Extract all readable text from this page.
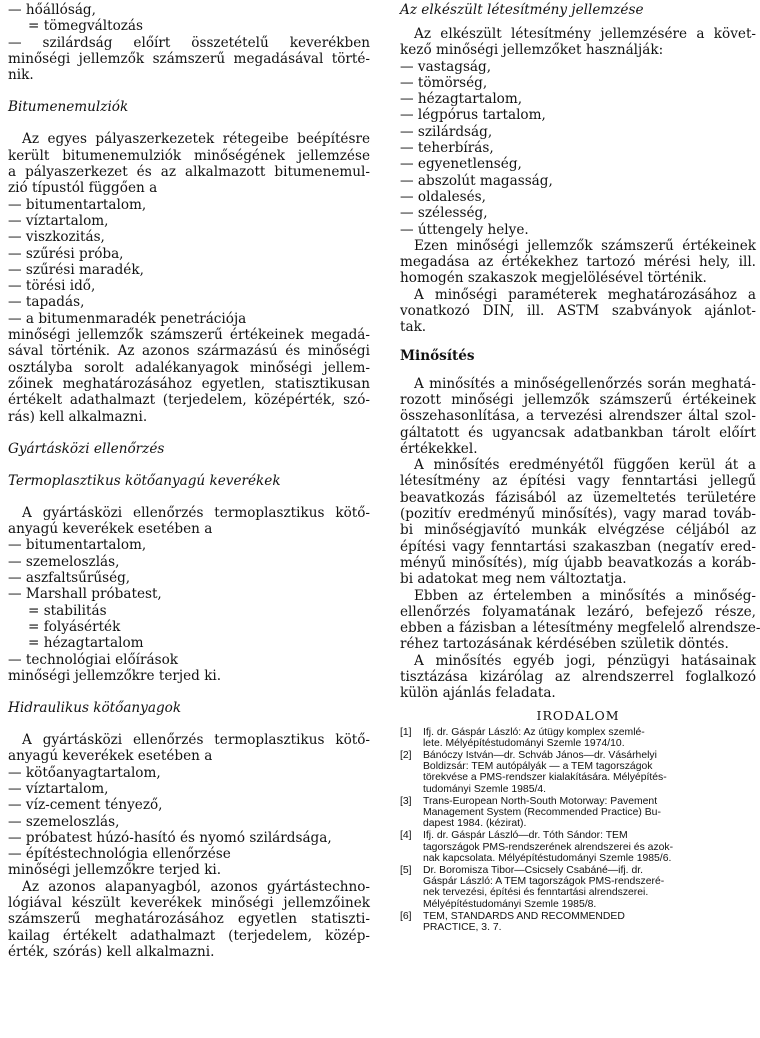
— hőállóság,
= tömegváltozás
— szilárdság előírt összetételű keverékben
minőségi jellemzők számszerű megadásával törté-
nik.
Bitumenemulziók
Az egyes pályaszerkezetek rétegeibe beépítésre
került bitumenemulziók minőségének jellemzése
a pályaszerkezet és az alkalmazott bitumenemul-
zió típustól függően a
— bitumentartalom,
— víztartalom,
— viszkozitás,
— szűrési próba,
— szűrési maradék,
— törési idő,
— tapadás,
— a bitumenmaradék penetrációja
minőségi jellemzők számszerű értékeinek megadá-
sával történik. Az azonos származású és minőségi
osztályba sorolt adalékanyagok minőségi jellem-
zőinek meghatározásához egyetlen, statisztikusan
értékelt adathalmazt (terjedelem, középérték, szó-
rás) kell alkalmazni.
Gyártásközi ellenőrzés
Termoplasztikus kötőanyagú keverékek
A gyártásközi ellenőrzés termoplasztikus kötő-
anyagú keverékek esetében a
— bitumentartalom,
— szemeloszlás,
— aszfaltsűrűség,
— Marshall próbatest,
= stabilitás
= folyásérték
= hézagtartalom
— technológiai előírások
minőségi jellemzőkre terjed ki.
Hidraulikus kötőanyagok
A gyártásközi ellenőrzés termoplasztikus kötő-
anyagú keverékek esetében a
— kötőanyagtartalom,
— víztartalom,
— víz-cement tényező,
— szemeloszlás,
— próbatest húzó-hasító és nyomó szilárdsága,
— építéstechnológia ellenőrzése
minőségi jellemzőkre terjed ki.
Az azonos alapanyagból, azonos gyártástechno-
lógiával készült keverékek minőségi jellemzőinek
számszerű meghatározásához egyetlen statiszti-
kailag értékelt adathalmazt (terjedelem, közép-
érték, szórás) kell alkalmazni.
Az elkészült létesítmény jellemzése
Az elkészült létesítmény jellemzésére a követ-
kező minőségi jellemzőket használják:
— vastagság,
— tömörség,
— hézagtartalom,
— légpórus tartalom,
— szilárdság,
— teherbírás,
— egyenetlenség,
— abszolút magasság,
— oldalesés,
— szélesség,
— úttengely helye.
Ezen minőségi jellemzők számszerű értékeinek
megadása az értékekhez tartozó mérési hely, ill.
homogén szakaszok megjelölésével történik.
A minőségi paraméterek meghatározásához a
vonatkozó DIN, ill. ASTM szabványok ajánlot-
tak.
Minősítés
A minősítés a minőségellenőrzés során meghatá-
rozott minőségi jellemzők számszerű értékeinek
összehasonlítása, a tervezési alrendszer által szol-
gáltatott és ugyancsak adatbankban tárolt előírt
értékekkel.
A minősítés eredményétől függően kerül át a
létesítmény az építési vagy fenntartási jellegű
beavatkozás fázisából az üzemeltetés területére
(pozitív eredményű minősítés), vagy marad továb-
bi minőségjavító munkák elvégzése céljából az
építési vagy fenntartási szakaszban (negatív ered-
ményű minősítés), míg újabb beavatkozás a koráb-
bi adatokat meg nem változtatja.
Ebben az értelemben a minősítés a minőség-
ellenőrzés folyamatának lezáró, befejező része,
ebben a fázisban a létesítmény megfelelő alrendsze-
réhez tartozásának kérdésében születik döntés.
A minősítés egyéb jogi, pénzügyi hatásainak
tisztázása kizárólag az alrendszerrel foglalkozó
külön ajánlás feladata.
IRODALOM
[1] Ifj. dr. Gáspár László: Az útügy komplex szemlé-
lete. Mélyépítéstudományi Szemle 1974/10.
[2] Bánóczy István—dr. Schváb János—dr. Vásárhelyi
Boldizsár: TEM autópályák — a TEM tagországok
törekvése a PMS-rendszer kialakítására. Mélyépítés-
tudományi Szemle 1985/4.
[3] Trans-European North-South Motorway: Pavement
Management System (Recommended Practice) Bu-
dapest 1984. (kézirat).
[4] Ifj. dr. Gáspár László—dr. Tóth Sándor: TEM
tagországok PMS-rendszerének alrendszerei és azok-
nak kapcsolata. Mélyépítéstudományi Szemle 1985/6.
[5] Dr. Boromisza Tibor—Csicsely Csabáné—ifj. dr.
Gáspár László: A TEM tagországok PMS-rendszeré-
nek tervezési, építési és fenntartási alrendszerei.
Mélyépítéstudományi Szemle 1985/8.
[6] TEM, STANDARDS AND RECOMMENDED
PRACTICE, 3. 7.
